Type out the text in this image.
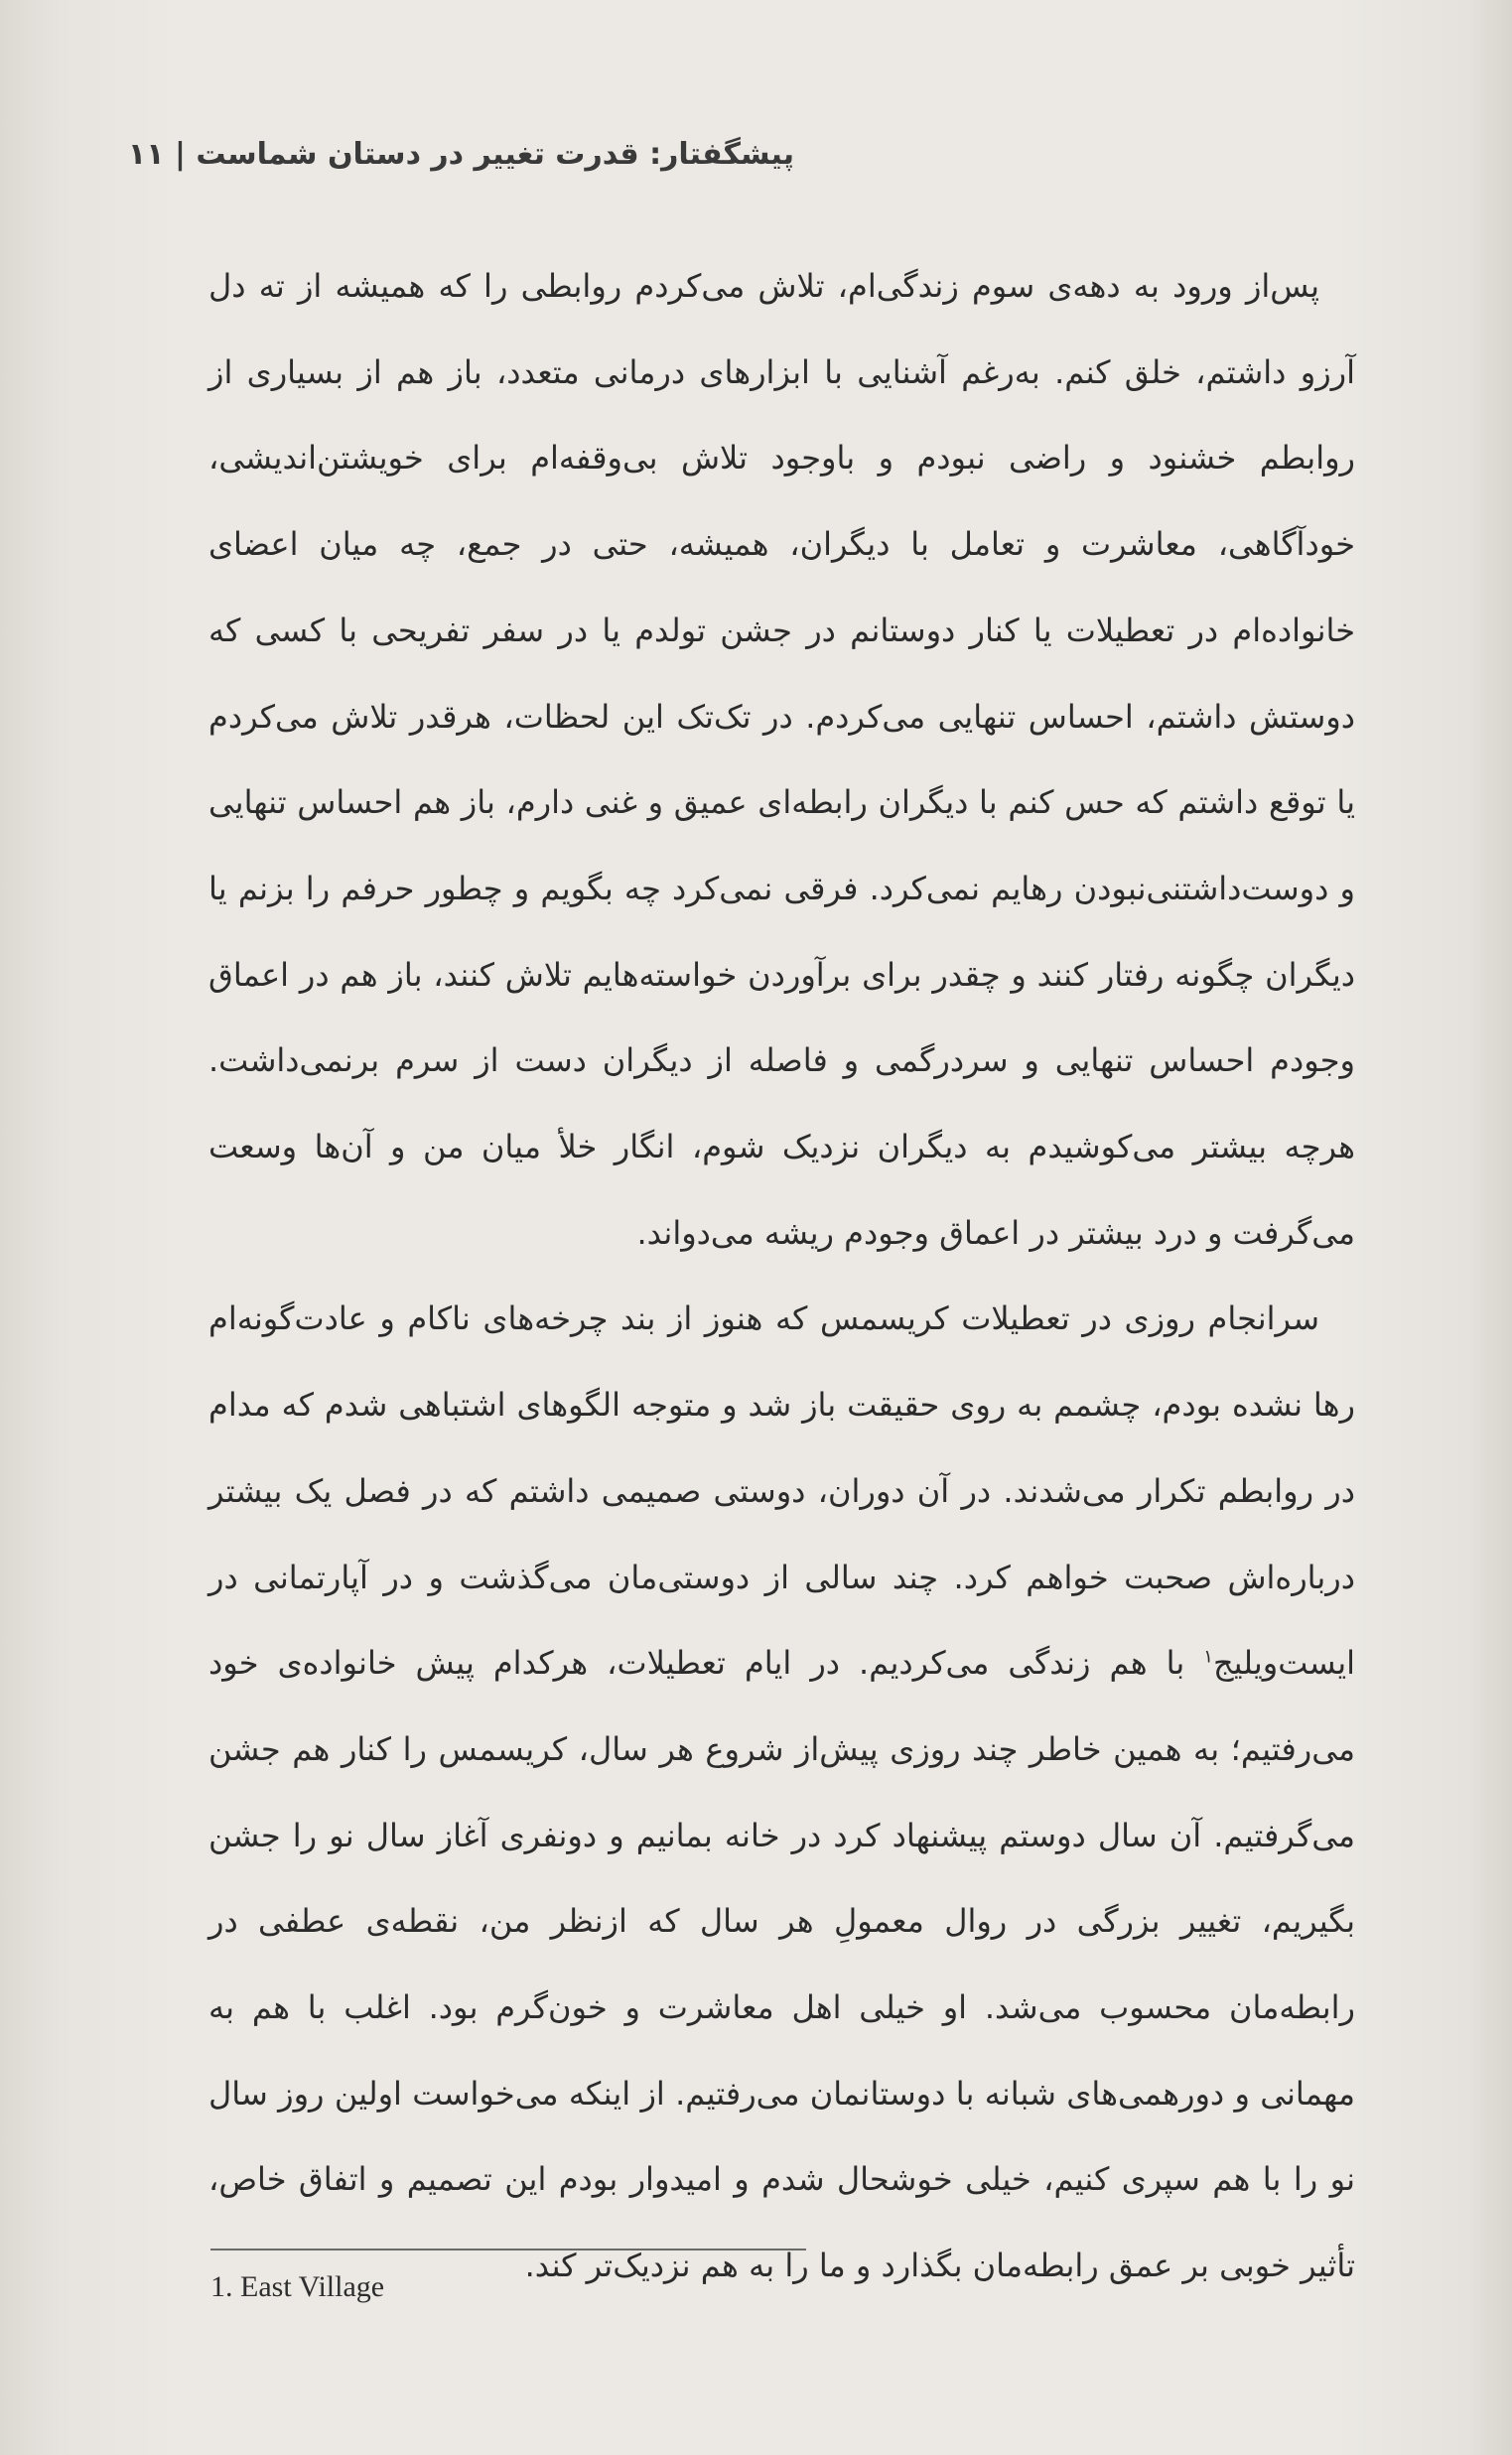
پیشگفتار: قدرت تغییر در دستان شماست | ۱۱

پس‌از ورود به دهه‌ی سوم زندگی‌ام، تلاش می‌کردم روابطی را که همیشه از ته دل آرزو داشتم، خلق کنم. به‌رغم آشنایی با ابزارهای درمانی متعدد، باز هم از بسیاری از روابطم خشنود و راضی نبودم و باوجود تلاش بی‌وقفه‌ام برای خویشتن‌اندیشی، خودآگاهی، معاشرت و تعامل با دیگران، همیشه، حتی در جمع، چه میان اعضای خانواده‌ام در تعطیلات یا کنار دوستانم در جشن تولدم یا در سفر تفریحی با کسی که دوستش داشتم، احساس تنهایی می‌کردم. در تک‌تک این لحظات، هرقدر تلاش می‌کردم یا توقع داشتم که حس کنم با دیگران رابطه‌ای عمیق و غنی دارم، باز هم احساس تنهایی و دوست‌داشتنی‌نبودن رهایم نمی‌کرد. فرقی نمی‌کرد چه بگویم و چطور حرفم را بزنم یا دیگران چگونه رفتار کنند و چقدر برای برآوردن خواسته‌هایم تلاش کنند، باز هم در اعماق وجودم احساس تنهایی و سردرگمی و فاصله از دیگران دست از سرم برنمی‌داشت. هرچه بیشتر می‌کوشیدم به دیگران نزدیک شوم، انگار خلأ میان من و آن‌ها وسعت می‌گرفت و درد بیشتر در اعماق وجودم ریشه می‌دواند.

سرانجام روزی در تعطیلات کریسمس که هنوز از بند چرخه‌های ناکام و عادت‌گونه‌ام رها نشده بودم، چشمم به روی حقیقت باز شد و متوجه الگوهای اشتباهی شدم که مدام در روابطم تکرار می‌شدند. در آن دوران، دوستی صمیمی داشتم که در فصل یک بیشتر درباره‌اش صحبت خواهم کرد. چند سالی از دوستی‌مان می‌گذشت و در آپارتمانی در ایست‌ویلیج$^۱$ با هم زندگی می‌کردیم. در ایام تعطیلات، هرکدام پیش خانواده‌ی خود می‌رفتیم؛ به همین خاطر چند روزی پیش‌از شروع هر سال، کریسمس را کنار هم جشن می‌گرفتیم. آن سال دوستم پیشنهاد کرد در خانه بمانیم و دونفری آغاز سال نو را جشن بگیریم، تغییر بزرگی در روال معمولِ هر سال که ازنظر من، نقطه‌ی عطفی در رابطه‌مان محسوب می‌شد. او خیلی اهل معاشرت و خون‌گرم بود. اغلب با هم به مهمانی و دورهمی‌های شبانه با دوستانمان می‌رفتیم. از اینکه می‌خواست اولین روز سال نو را با هم سپری کنیم، خیلی خوشحال شدم و امیدوار بودم این تصمیم و اتفاق خاص، تأثیر خوبی بر عمق رابطه‌مان بگذارد و ما را به هم نزدیک‌تر کند.

1. East Village
